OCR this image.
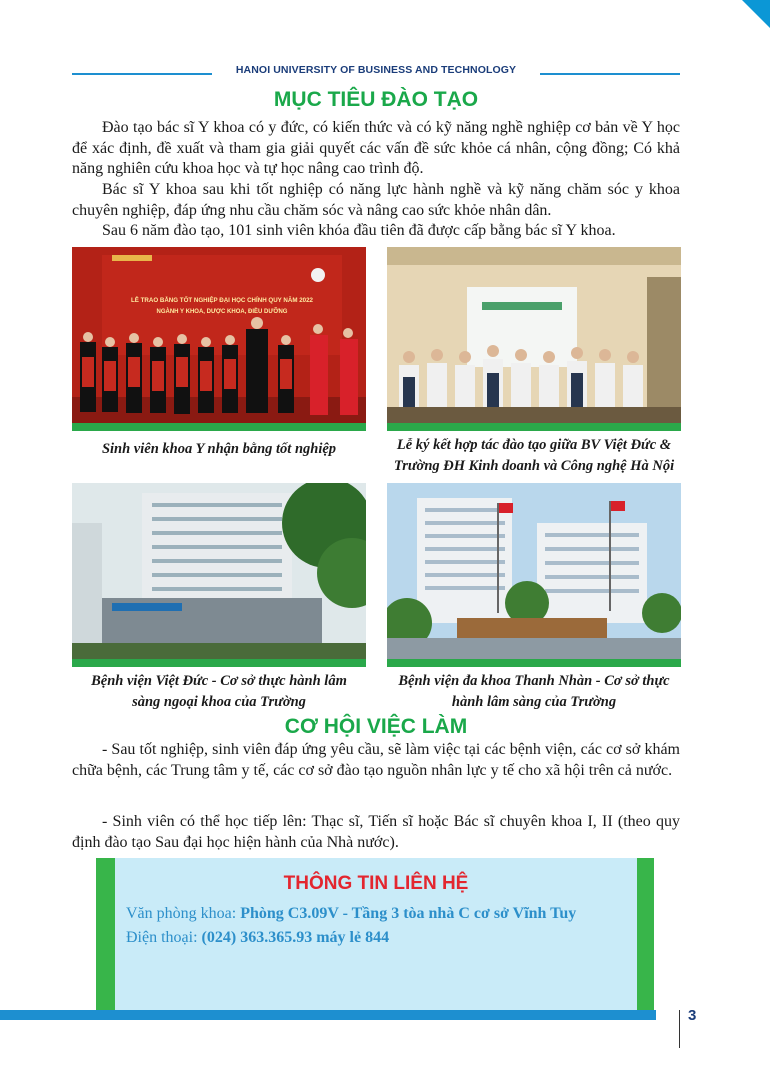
HANOI UNIVERSITY OF BUSINESS AND TECHNOLOGY
MỤC TIÊU ĐÀO TẠO
Đào tạo bác sĩ Y khoa có y đức, có kiến thức và có kỹ năng nghề nghiệp cơ bản về Y học để xác định, đề xuất và tham gia giải quyết các vấn đề sức khỏe cá nhân, cộng đồng; Có khả năng nghiên cứu khoa học và tự học nâng cao trình độ.
Bác sĩ Y khoa sau khi tốt nghiệp có năng lực hành nghề và kỹ năng chăm sóc y khoa chuyên nghiệp, đáp ứng nhu cầu chăm sóc và nâng cao sức khỏe nhân dân.
Sau 6 năm đào tạo, 101 sinh viên khóa đầu tiên đã được cấp bằng bác sĩ Y khoa.
LỄ TRAO BẰNG TỐT NGHIỆP ĐẠI HỌC CHÍNH QUY NĂM 2022
NGÀNH Y KHOA, DƯỢC KHOA, ĐIỀU DƯỠNG
Sinh viên khoa Y nhận bằng tốt nghiệp	Lễ ký kết hợp tác đào tạo giữa BV Việt Đức &
Trường ĐH Kinh doanh và Công nghệ Hà Nội
Bệnh viện Việt Đức - Cơ sở thực hành lâm
sàng ngoại khoa của Trường
Bệnh viện đa khoa Thanh Nhàn - Cơ sở thực
hành lâm sàng của Trường
CƠ HỘI VIỆC LÀM
- Sau tốt nghiệp, sinh viên đáp ứng yêu cầu, sẽ làm việc tại các bệnh viện, các cơ sở khám chữa bệnh, các Trung tâm y tế, các cơ sở đào tạo nguồn nhân lực y tế cho xã hội trên cả nước.
- Sinh viên có thể học tiếp lên: Thạc sĩ, Tiến sĩ hoặc Bác sĩ chuyên khoa I, II (theo quy định đào tạo Sau đại học hiện hành của Nhà nước).
THÔNG TIN LIÊN HỆ
Văn phòng khoa: Phòng C3.09V - Tầng 3 tòa nhà C cơ sở Vĩnh Tuy
Điện thoại: (024) 363.365.93 máy lẻ 844
3
